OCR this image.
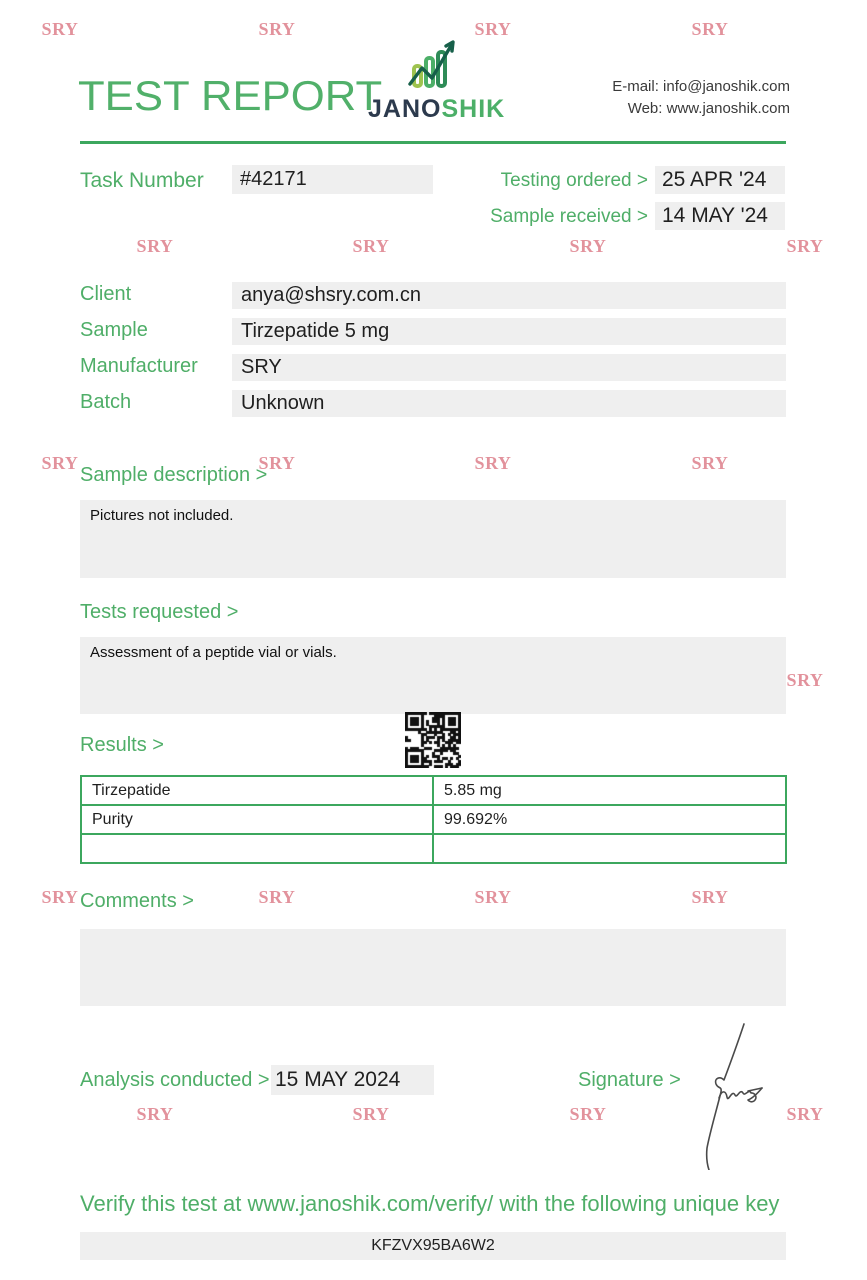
SRY	SRY	SRY	SRY
SRY	SRY	SRY	SRY
SRY	SRY	SRY	SRY
SRY
SRY	SRY	SRY	SRY
SRY	SRY	SRY	SRY
TEST REPORT
JANOSHIK
E-mail: info@janoshik.com
Web: www.janoshik.com
Task Number	#42171	Testing ordered > 25 APR '24
Sample received > 14 MAY '24
Client	anya@shsry.com.cn
Sample	Tirzepatide 5 mg
Manufacturer	SRY
Batch	Unknown
Sample description >
Pictures not included.
Tests requested >
Assessment of a peptide vial or vials.
Results >
Tirzepatide	5.85 mg
Purity	99.692%

Comments >
Analysis conducted > 15 MAY 2024	Signature >
Verify this test at www.janoshik.com/verify/ with the following unique key
KFZVX95BA6W2
